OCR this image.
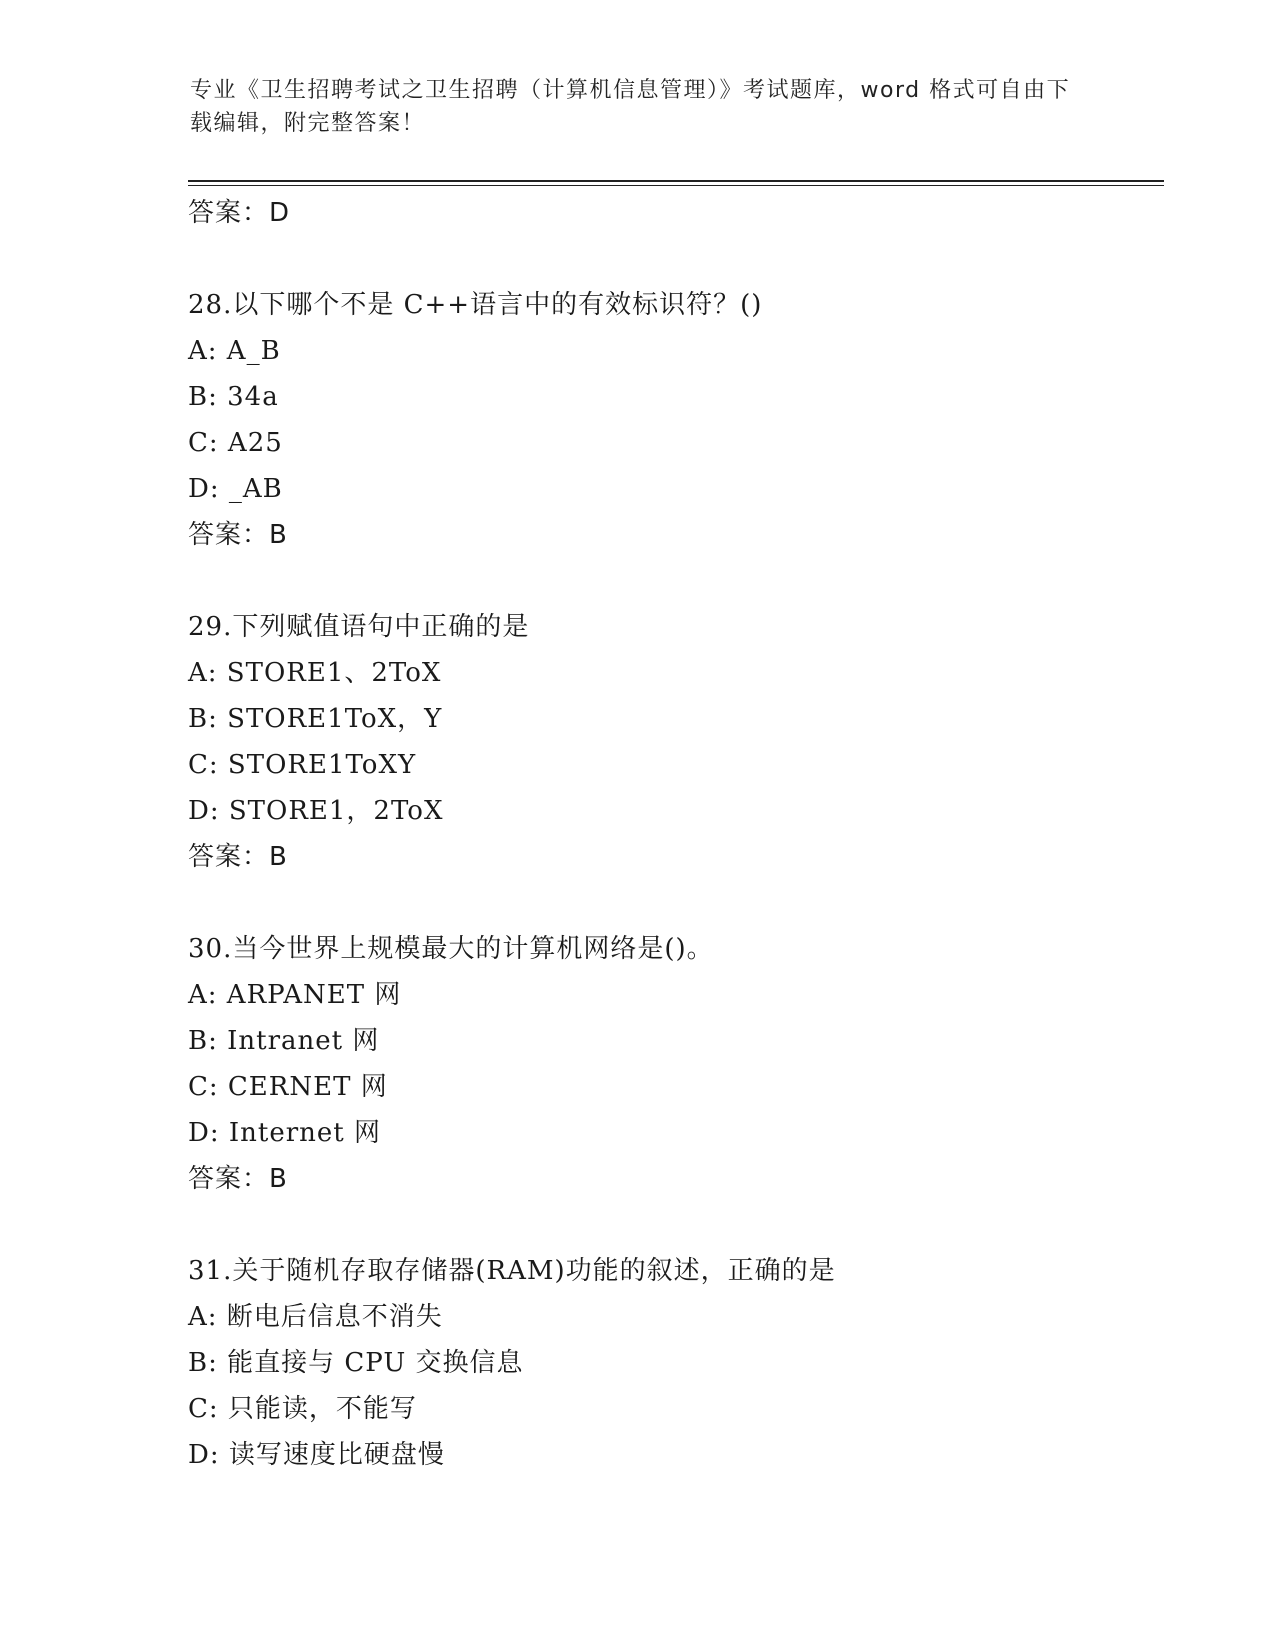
专业《卫生招聘考试之卫生招聘（计算机信息管理）》考试题库，word 格式可自由下载编辑，附完整答案！
答案：D
28.以下哪个不是 C++语言中的有效标识符？()
A: A_B
B: 34a
C: A25
D: _AB
答案：B
29.下列赋值语句中正确的是
A: STORE1、2ToX
B: STORE1ToX，Y
C: STORE1ToXY
D: STORE1，2ToX
答案：B
30.当今世界上规模最大的计算机网络是()。
A: ARPANET 网
B: Intranet 网
C: CERNET 网
D: Internet 网
答案：B
31.关于随机存取存储器(RAM)功能的叙述，正确的是
A: 断电后信息不消失
B: 能直接与 CPU 交换信息
C: 只能读，不能写
D: 读写速度比硬盘慢
